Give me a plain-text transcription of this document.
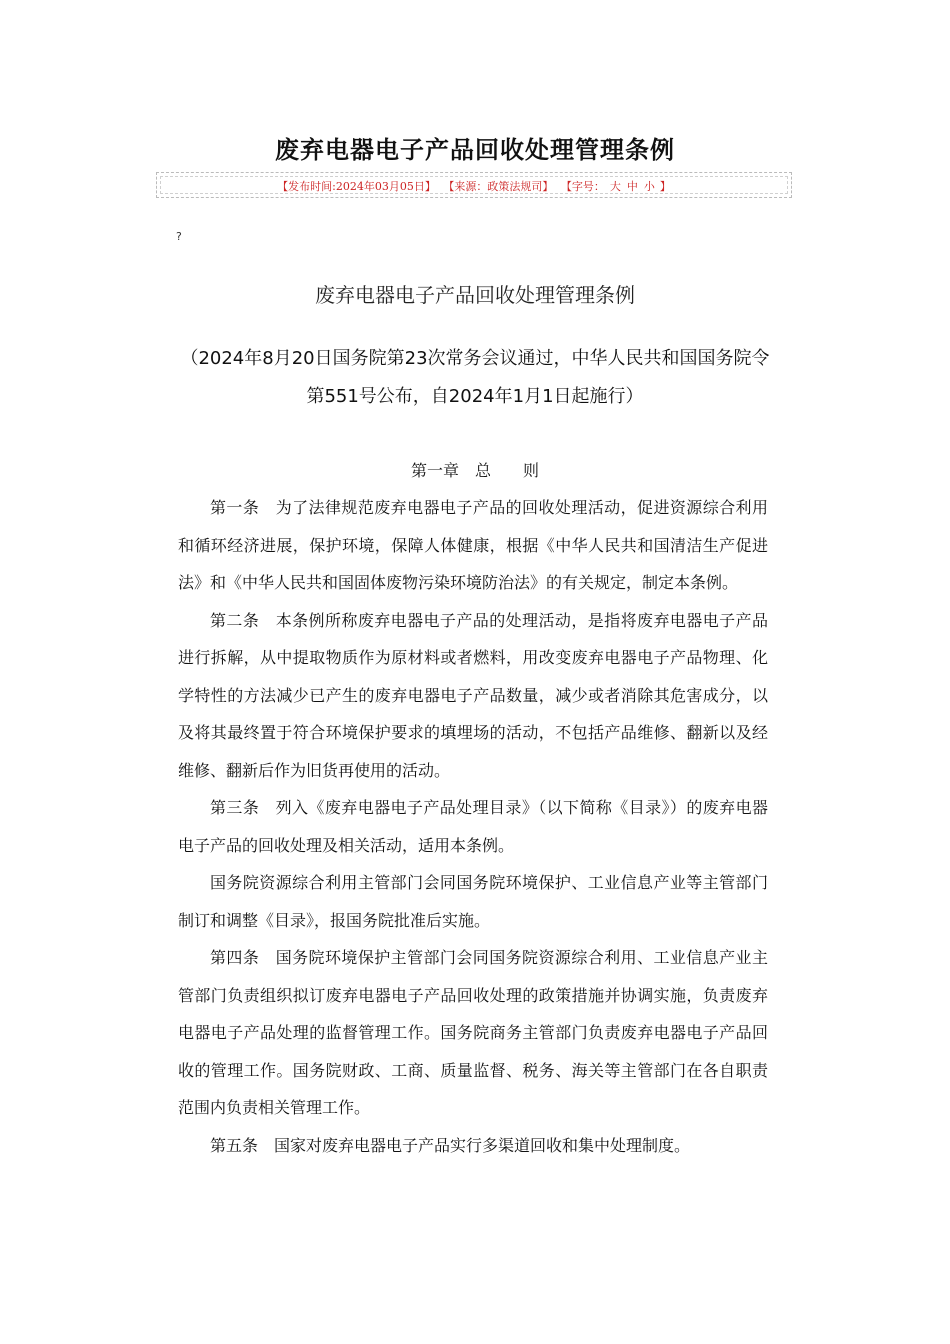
废弃电器电子产品回收处理管理条例
【发布时间:2024年03月05日】 【来源：政策法规司】 【字号： 大 中 小 】
?
废弃电器电子产品回收处理管理条例
（2024年8月20日国务院第23次常务会议通过，中华人民共和国国务院令第551号公布，自2024年1月1日起施行）
第一章　总　　则

第一条　为了法律规范废弃电器电子产品的回收处理活动，促进资源综合利用和循环经济进展，保护环境，保障人体健康，根据《中华人民共和国清洁生产促进法》和《中华人民共和国固体废物污染环境防治法》的有关规定，制定本条例。

第二条　本条例所称废弃电器电子产品的处理活动，是指将废弃电器电子产品进行拆解，从中提取物质作为原材料或者燃料，用改变废弃电器电子产品物理、化学特性的方法减少已产生的废弃电器电子产品数量，减少或者消除其危害成分，以及将其最终置于符合环境保护要求的填埋场的活动，不包括产品维修、翻新以及经维修、翻新后作为旧货再使用的活动。

第三条　列入《废弃电器电子产品处理目录》（以下简称《目录》）的废弃电器电子产品的回收处理及相关活动，适用本条例。

国务院资源综合利用主管部门会同国务院环境保护、工业信息产业等主管部门制订和调整《目录》，报国务院批准后实施。

第四条　国务院环境保护主管部门会同国务院资源综合利用、工业信息产业主管部门负责组织拟订废弃电器电子产品回收处理的政策措施并协调实施，负责废弃电器电子产品处理的监督管理工作。国务院商务主管部门负责废弃电器电子产品回收的管理工作。国务院财政、工商、质量监督、税务、海关等主管部门在各自职责范围内负责相关管理工作。

第五条　国家对废弃电器电子产品实行多渠道回收和集中处理制度。
